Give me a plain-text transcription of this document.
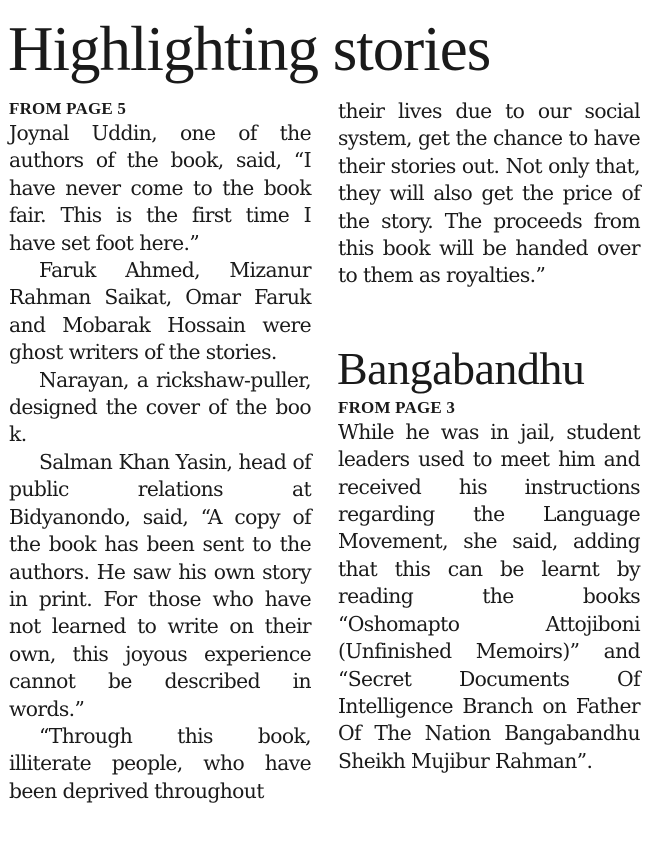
Highlighting stories

FROM PAGE 5

Joynal Uddin, one of the authors of the book, said, “I have never come to the book fair. This is the first time I have set foot here.”

Faruk Ahmed, Mizanur Rahman Saikat, Omar Faruk and Mobarak Hossain were ghost writers of the stories.

Narayan, a rickshaw-puller, designed the cover of the book.

Salman Khan Yasin, head of public relations at Bidyanondo, said, “A copy of the book has been sent to the authors. He saw his own story in print. For those who have not learned to write on their own, this joyous experience cannot be described in words.”

“Through this book, illiterate people, who have been deprived throughout

their lives due to our social system, get the chance to have their stories out. Not only that, they will also get the price of the story. The proceeds from this book will be handed over to them as royalties.”

Bangabandhu

FROM PAGE 3

While he was in jail, student leaders used to meet him and received his instructions regarding the Language Movement, she said, adding that this can be learnt by reading the books “Oshomapto Attojiboni (Unfinished Memoirs)” and “Secret Documents Of Intelligence Branch on Father Of The Nation Bangabandhu Sheikh Mujibur Rahman”.
